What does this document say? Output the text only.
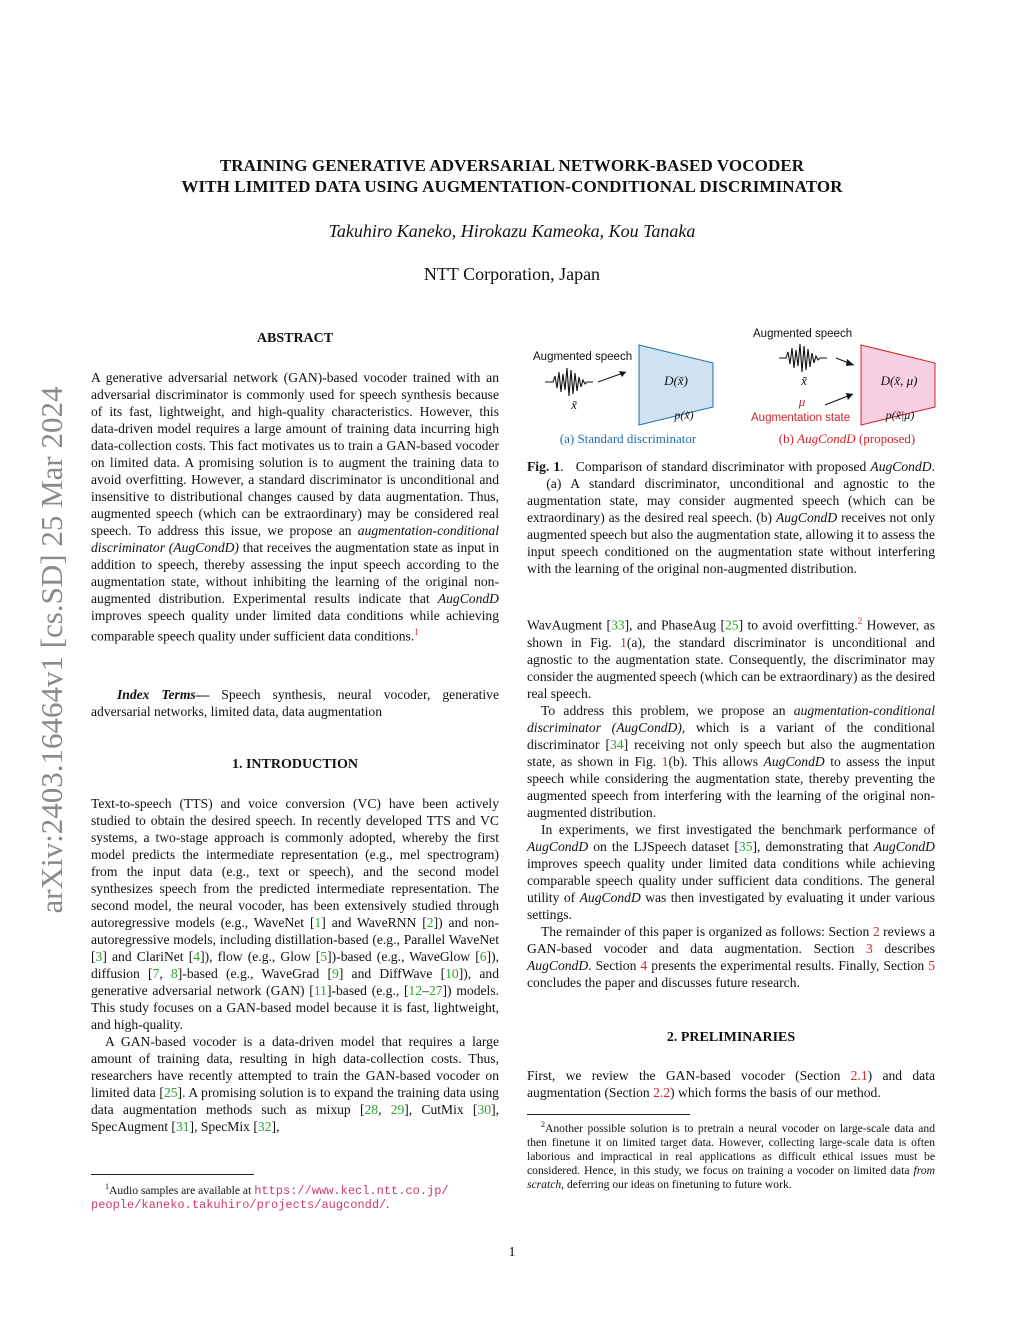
arXiv:2403.16464v1 [cs.SD] 25 Mar 2024
TRAINING GENERATIVE ADVERSARIAL NETWORK-BASED VOCODER
WITH LIMITED DATA USING AUGMENTATION-CONDITIONAL DISCRIMINATOR
Takuhiro Kaneko, Hirokazu Kameoka, Kou Tanaka
NTT Corporation, Japan
ABSTRACT

A generative adversarial network (GAN)-based vocoder trained with an adversarial discriminator is commonly used for speech synthesis because of its fast, lightweight, and high-quality characteristics. However, this data-driven model requires a large amount of training data incurring high data-collection costs. This fact motivates us to train a GAN-based vocoder on limited data. A promising solution is to augment the training data to avoid overfitting. However, a standard discriminator is unconditional and insensitive to distributional changes caused by data augmentation. Thus, augmented speech (which can be extraordinary) may be considered real speech. To address this issue, we propose an augmentation-conditional discriminator (AugCondD) that receives the augmentation state as input in addition to speech, thereby assessing the input speech according to the augmentation state, without inhibiting the learning of the original non-augmented distribution. Experimental results indicate that AugCondD improves speech quality under limited data conditions while achieving comparable speech quality under sufficient data conditions.$^1$

Index Terms— Speech synthesis, neural vocoder, generative adversarial networks, limited data, data augmentation

1. INTRODUCTION

Text-to-speech (TTS) and voice conversion (VC) have been actively studied to obtain the desired speech. In recently developed TTS and VC systems, a two-stage approach is commonly adopted, whereby the first model predicts the intermediate representation (e.g., mel spectrogram) from the input data (e.g., text or speech), and the second model synthesizes speech from the predicted intermediate representation. The second model, the neural vocoder, has been extensively studied through autoregressive models (e.g., WaveNet [1] and WaveRNN [2]) and non-autoregressive models, including distillation-based (e.g., Parallel WaveNet [3] and ClariNet [4]), flow (e.g., Glow [5])-based (e.g., WaveGlow [6]), diffusion [7, 8]-based (e.g., WaveGrad [9] and DiffWave [10]), and generative adversarial network (GAN) [11]-based (e.g., [12–27]) models. This study focuses on a GAN-based model because it is fast, lightweight, and high-quality.

A GAN-based vocoder is a data-driven model that requires a large amount of training data, resulting in high data-collection costs. Thus, researchers have recently attempted to train the GAN-based vocoder on limited data [25]. A promising solution is to expand the training data using data augmentation methods such as mixup [28, 29], CutMix [30], SpecAugment [31], SpecMix [32],

$^1$Audio samples are available at https://www.kecl.ntt.co.jp/
people/kaneko.takuhiro/projects/augcondd/.
Augmented speech
x̃
D(x̃)
p(x̃)
(a) Standard discriminator
Augmented speech
x̃
μ
Augmentation state
D(x̃, μ)
p(x̃|μ)
(b) AugCondD (proposed)

Fig. 1.   Comparison of standard discriminator with proposed AugCondD.   (a) A standard discriminator, unconditional and agnostic to the augmentation state, may consider augmented speech (which can be extraordinary) as the desired real speech. (b) AugCondD receives not only augmented speech but also the augmentation state, allowing it to assess the input speech conditioned on the augmentation state without interfering with the learning of the original non-augmented distribution.

WavAugment [33], and PhaseAug [25] to avoid overfitting.$^2$ However, as shown in Fig. 1(a), the standard discriminator is unconditional and agnostic to the augmentation state. Consequently, the discriminator may consider the augmented speech (which can be extraordinary) as the desired real speech.

To address this problem, we propose an augmentation-conditional discriminator (AugCondD), which is a variant of the conditional discriminator [34] receiving not only speech but also the augmentation state, as shown in Fig. 1(b). This allows AugCondD to assess the input speech while considering the augmentation state, thereby preventing the augmented speech from interfering with the learning of the original non-augmented distribution.

In experiments, we first investigated the benchmark performance of AugCondD on the LJSpeech dataset [35], demonstrating that AugCondD improves speech quality under limited data conditions while achieving comparable speech quality under sufficient data conditions. The general utility of AugCondD was then investigated by evaluating it under various settings.

The remainder of this paper is organized as follows: Section 2 reviews a GAN-based vocoder and data augmentation. Section 3 describes AugCondD. Section 4 presents the experimental results. Finally, Section 5 concludes the paper and discusses future research.

2. PRELIMINARIES

First, we review the GAN-based vocoder (Section 2.1) and data augmentation (Section 2.2) which forms the basis of our method.

$^2$Another possible solution is to pretrain a neural vocoder on large-scale data and then finetune it on limited target data. However, collecting large-scale data is often laborious and impractical in real applications as difficult ethical issues must be considered. Hence, in this study, we focus on training a vocoder on limited data from scratch, deferring our ideas on finetuning to future work.

1
